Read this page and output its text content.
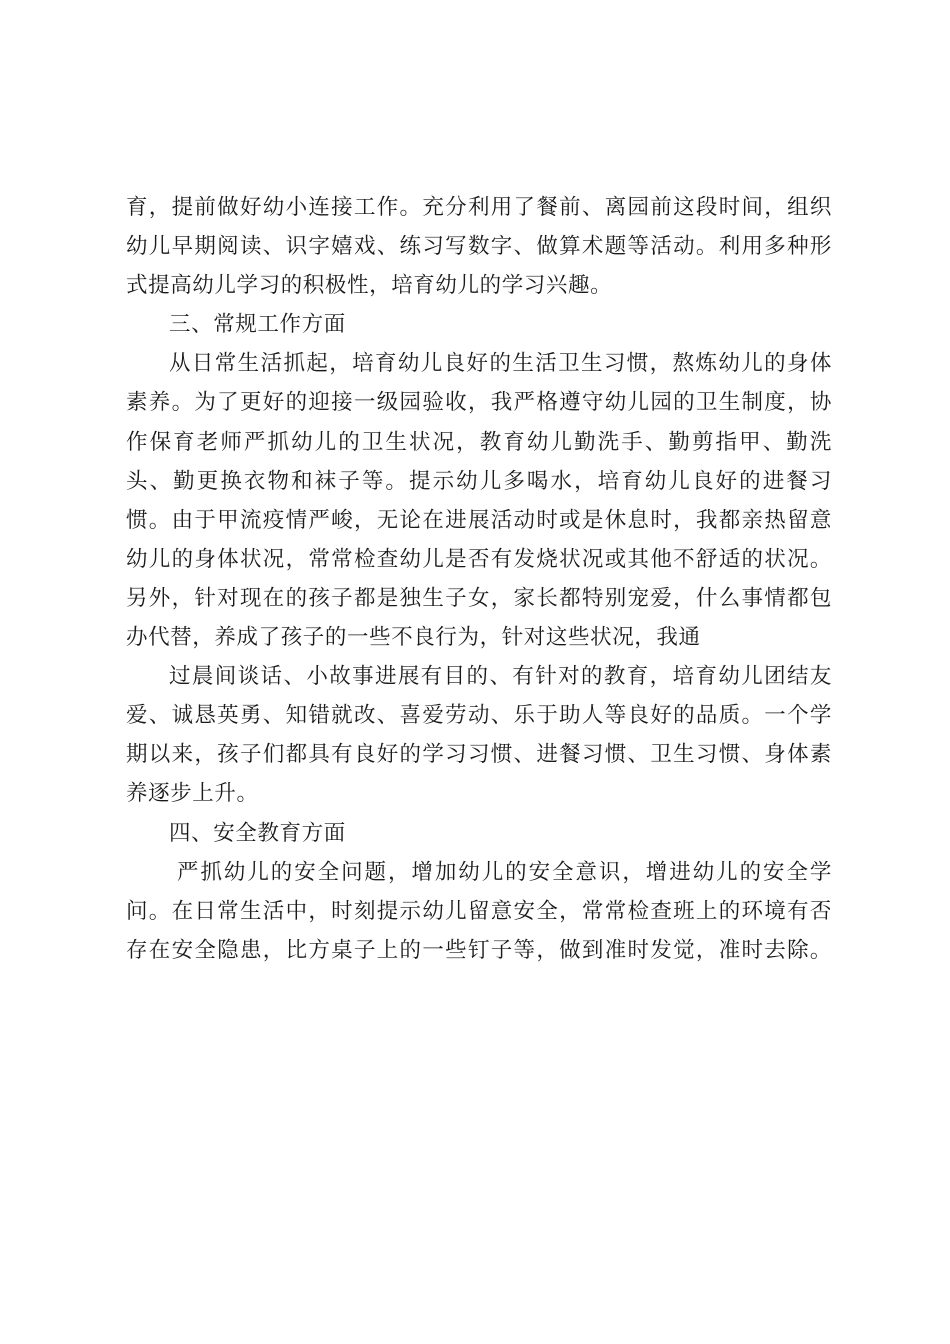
育，提前做好幼小连接工作。充分利用了餐前、离园前这段时间，组织
幼儿早期阅读、识字嬉戏、练习写数字、做算术题等活动。利用多种形
式提高幼儿学习的积极性，培育幼儿的学习兴趣。

三、常规工作方面

从日常生活抓起，培育幼儿良好的生活卫生习惯，熬炼幼儿的身体
素养。为了更好的迎接一级园验收，我严格遵守幼儿园的卫生制度，协
作保育老师严抓幼儿的卫生状况，教育幼儿勤洗手、勤剪指甲、勤洗
头、勤更换衣物和袜子等。提示幼儿多喝水，培育幼儿良好的进餐习
惯。由于甲流疫情严峻，无论在进展活动时或是休息时，我都亲热留意
幼儿的身体状况，常常检查幼儿是否有发烧状况或其他不舒适的状况。
另外，针对现在的孩子都是独生子女，家长都特别宠爱，什么事情都包
办代替，养成了孩子的一些不良行为，针对这些状况，我通

过晨间谈话、小故事进展有目的、有针对的教育，培育幼儿团结友
爱、诚恳英勇、知错就改、喜爱劳动、乐于助人等良好的品质。一个学
期以来，孩子们都具有良好的学习习惯、进餐习惯、卫生习惯、身体素
养逐步上升。

四、安全教育方面

严抓幼儿的安全问题，增加幼儿的安全意识，增进幼儿的安全学
问。在日常生活中，时刻提示幼儿留意安全，常常检查班上的环境有否
存在安全隐患，比方桌子上的一些钉子等，做到准时发觉，准时去除。
